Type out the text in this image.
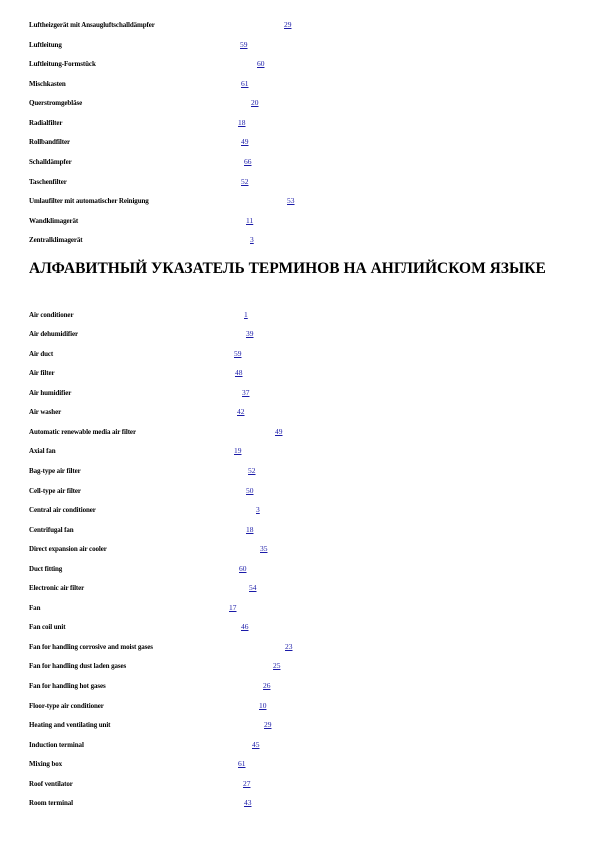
Luftheizgerät mit Ansaugluftschalldämpfer	29
Luftleitung	59
Luftleitung-Formstück	60
Mischkasten	61
Querstromgebläse	20
Radialfilter	18
Rollbandfilter	49
Schalldämpfer	66
Taschenfilter	52
Umlaufilter mit automatischer Reinigung	53
Wandklimagerät	11
Zentralklimagerät	3
АЛФАВИТНЫЙ УКАЗАТЕЛЬ ТЕРМИНОВ НА АНГЛИЙСКОМ ЯЗЫКЕ
Air conditioner	1
Air dehumidifier	39
Air duct	59
Air filter	48
Air humidifier	37
Air washer	42
Automatic renewable media air filter	49
Axial fan	19
Bag-type air filter	52
Cell-type air filter	50
Central air conditioner	3
Centrifugal fan	18
Direct expansion air cooler	35
Duct fitting	60
Electronic air filter	54
Fan	17
Fan coil unit	46
Fan for handling corrosive and moist gases	23
Fan for handling dust laden gases	25
Fan for handling hot gases	26
Floor-type air conditioner	10
Heating and ventilating unit	29
Induction terminal	45
Mixing box	61
Roof ventilator	27
Room terminal	43
